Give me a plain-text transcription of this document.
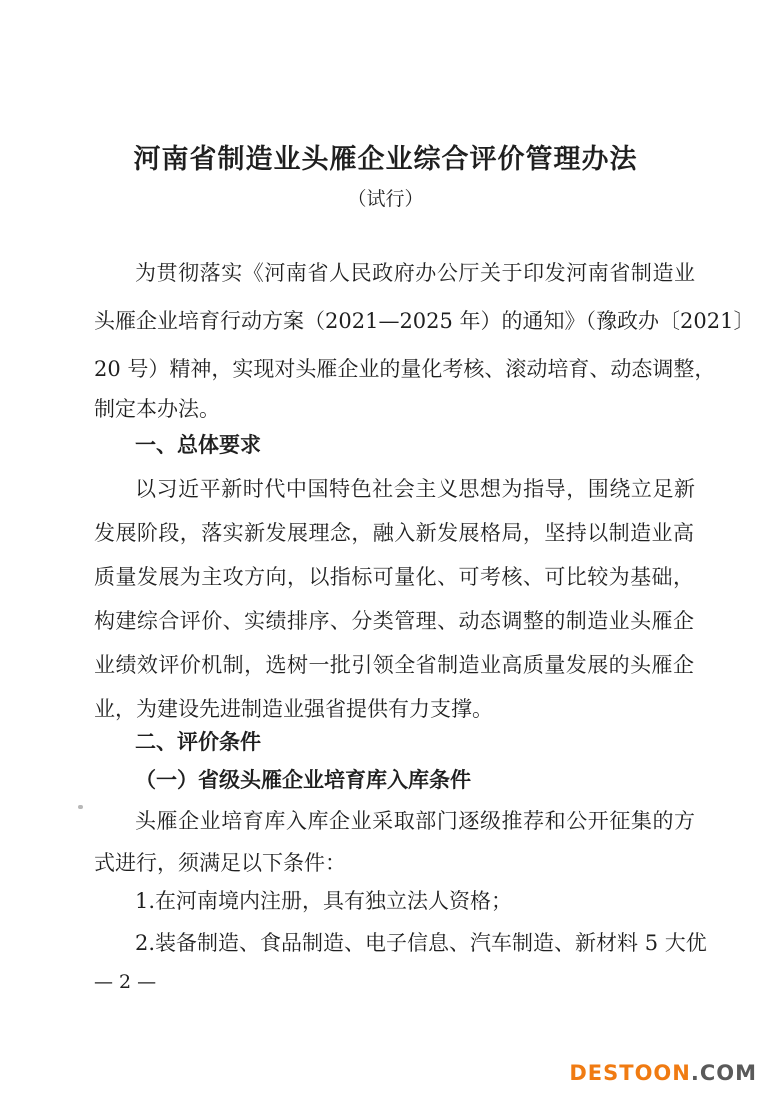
河南省制造业头雁企业综合评价管理办法
（试行）
为贯彻落实《河南省人民政府办公厅关于印发河南省制造业
头雁企业培育行动方案（2021—2025 年）的通知》（豫政办〔2021〕
20 号）精神，实现对头雁企业的量化考核、滚动培育、动态调整，
制定本办法。
一、总体要求
以习近平新时代中国特色社会主义思想为指导，围绕立足新
发展阶段，落实新发展理念，融入新发展格局，坚持以制造业高
质量发展为主攻方向，以指标可量化、可考核、可比较为基础，
构建综合评价、实绩排序、分类管理、动态调整的制造业头雁企
业绩效评价机制，选树一批引领全省制造业高质量发展的头雁企
业，为建设先进制造业强省提供有力支撑。
二、评价条件
（一）省级头雁企业培育库入库条件
头雁企业培育库入库企业采取部门逐级推荐和公开征集的方
式进行，须满足以下条件：
1.在河南境内注册，具有独立法人资格；
2.装备制造、食品制造、电子信息、汽车制造、新材料 5 大优
— 2 —
DESTOON.COM
